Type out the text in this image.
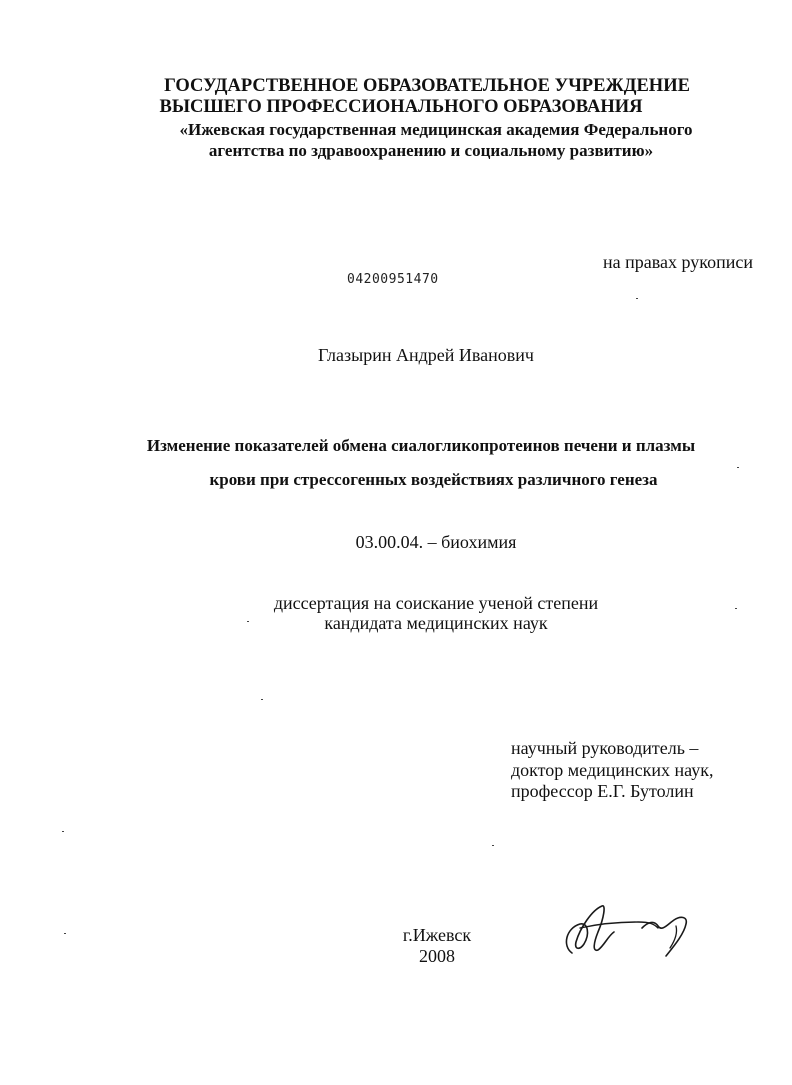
ГОСУДАРСТВЕННОЕ ОБРАЗОВАТЕЛЬНОЕ УЧРЕЖДЕНИЕ
ВЫСШЕГО ПРОФЕССИОНАЛЬНОГО ОБРАЗОВАНИЯ
«Ижевская государственная медицинская академия Федерального
агентства по здравоохранению и социальному развитию»
на правах рукописи
04200951470
Глазырин Андрей Иванович
Изменение показателей обмена сиалогликопротеинов печени и плазмы
крови при стрессогенных воздействиях различного генеза
03.00.04. – биохимия
диссертация на соискание ученой степени
кандидата медицинских наук
научный руководитель –
доктор медицинских наук,
профессор Е.Г. Бутолин
г.Ижевск
2008
